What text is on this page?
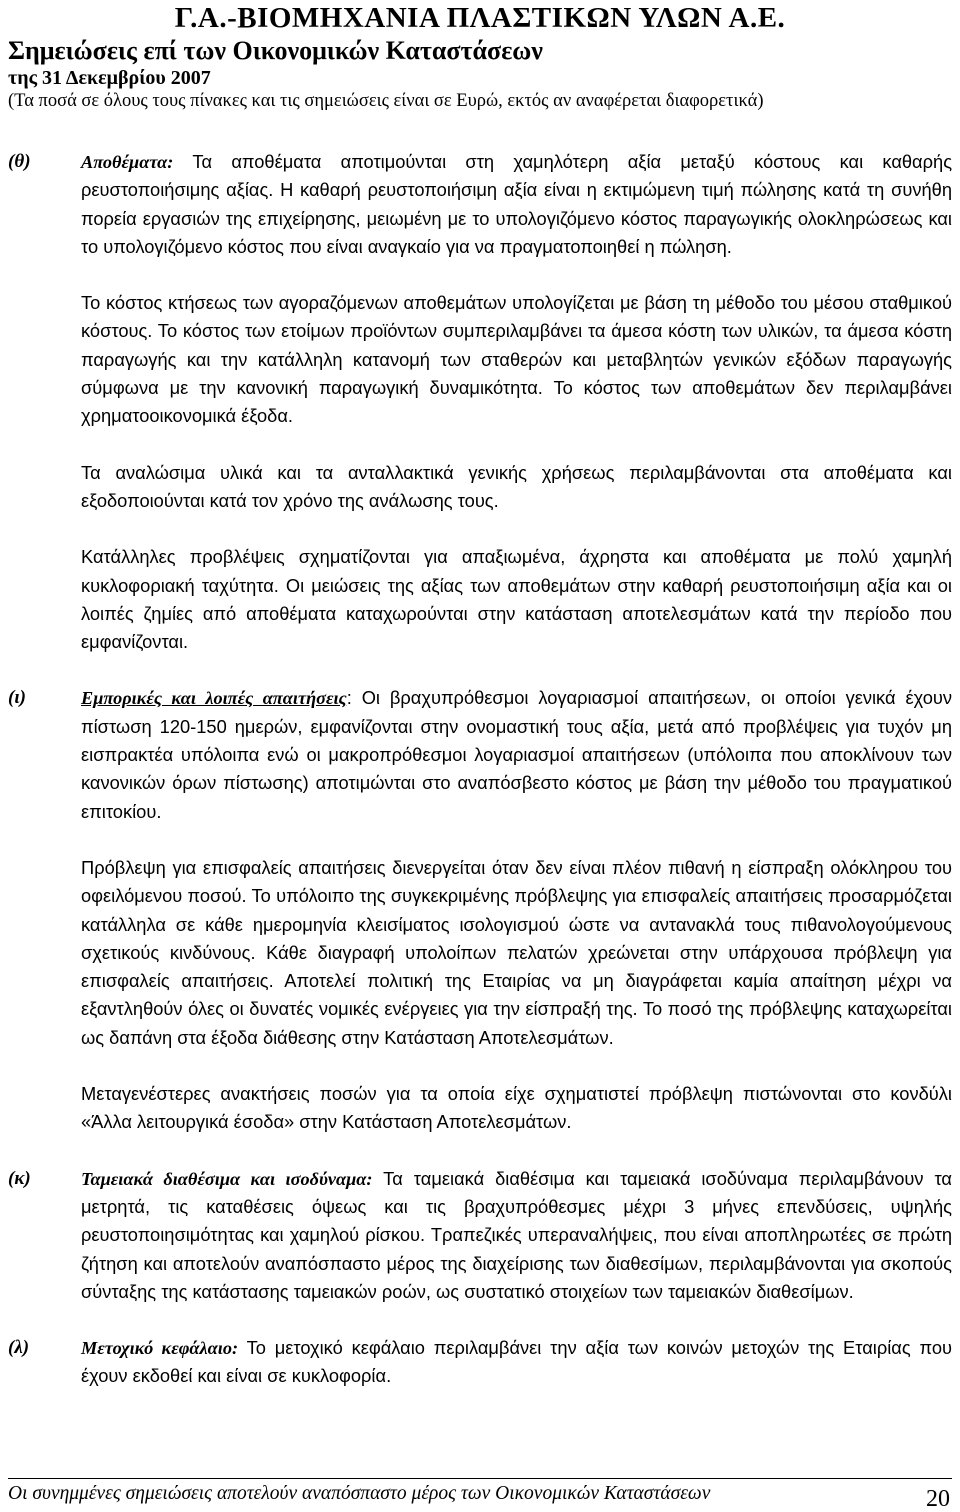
Γ.Α.-ΒΙΟΜΗΧΑΝΙΑ ΠΛΑΣΤΙΚΩΝ ΥΛΩΝ Α.Ε.
Σημειώσεις επί των Οικονομικών Καταστάσεων
της 31 Δεκεμβρίου 2007
(Τα ποσά σε όλους τους πίνακες και τις σημειώσεις είναι σε Ευρώ, εκτός αν αναφέρεται διαφορετικά)
(θ)	Αποθέματα: Τα αποθέματα αποτιμούνται στη χαμηλότερη αξία μεταξύ κόστους και καθαρής ρευστοποιήσιμης αξίας. Η καθαρή ρευστοποιήσιμη αξία είναι η εκτιμώμενη τιμή πώλησης κατά τη συνήθη πορεία εργασιών της επιχείρησης, μειωμένη με το υπολογιζόμενο κόστος παραγωγικής ολοκληρώσεως και το υπολογιζόμενο κόστος που είναι αναγκαίο για να πραγματοποιηθεί η πώληση.

Το κόστος κτήσεως των αγοραζόμενων αποθεμάτων υπολογίζεται με βάση τη μέθοδο του μέσου σταθμικού κόστους. Το κόστος των ετοίμων προϊόντων συμπεριλαμβάνει τα άμεσα κόστη των υλικών, τα άμεσα κόστη παραγωγής και την κατάλληλη κατανομή των σταθερών και μεταβλητών γενικών εξόδων παραγωγής σύμφωνα με την κανονική παραγωγική δυναμικότητα. Το κόστος των αποθεμάτων δεν περιλαμβάνει χρηματοοικονομικά έξοδα.

Τα αναλώσιμα υλικά και τα ανταλλακτικά γενικής χρήσεως περιλαμβάνονται στα αποθέματα και εξοδοποιούνται κατά τον χρόνο της ανάλωσης τους.

Κατάλληλες προβλέψεις σχηματίζονται για απαξιωμένα, άχρηστα και αποθέματα με πολύ χαμηλή κυκλοφοριακή ταχύτητα. Οι μειώσεις της αξίας των αποθεμάτων στην καθαρή ρευστοποιήσιμη αξία και οι λοιπές ζημίες από αποθέματα καταχωρούνται στην κατάσταση αποτελεσμάτων κατά την περίοδο που εμφανίζονται.

(ι)	Εμπορικές και λοιπές απαιτήσεις: Οι βραχυπρόθεσμοι λογαριασμοί απαιτήσεων, οι οποίοι γενικά έχουν πίστωση 120-150 ημερών, εμφανίζονται στην ονομαστική τους αξία, μετά από προβλέψεις για τυχόν μη εισπρακτέα υπόλοιπα ενώ οι μακροπρόθεσμοι λογαριασμοί απαιτήσεων (υπόλοιπα που αποκλίνουν των κανονικών όρων πίστωσης) αποτιμώνται στο αναπόσβεστο κόστος με βάση την μέθοδο του πραγματικού επιτοκίου.

Πρόβλεψη για επισφαλείς απαιτήσεις διενεργείται όταν δεν είναι πλέον πιθανή η είσπραξη ολόκληρου του οφειλόμενου ποσού. Το υπόλοιπο της συγκεκριμένης πρόβλεψης για επισφαλείς απαιτήσεις προσαρμόζεται κατάλληλα σε κάθε ημερομηνία κλεισίματος ισολογισμού ώστε να αντανακλά τους πιθανολογούμενους σχετικούς κινδύνους. Κάθε διαγραφή υπολοίπων πελατών χρεώνεται στην υπάρχουσα πρόβλεψη για επισφαλείς απαιτήσεις. Αποτελεί πολιτική της Εταιρίας να μη διαγράφεται καμία απαίτηση μέχρι να εξαντληθούν όλες οι δυνατές νομικές ενέργειες για την είσπραξή της. Το ποσό της πρόβλεψης καταχωρείται ως δαπάνη στα έξοδα διάθεσης στην Κατάσταση Αποτελεσμάτων.

Μεταγενέστερες ανακτήσεις ποσών για τα οποία είχε σχηματιστεί πρόβλεψη πιστώνονται στο κονδύλι «Άλλα λειτουργικά έσοδα» στην Κατάσταση Αποτελεσμάτων.

(κ)	Ταμειακά διαθέσιμα και ισοδύναμα: Τα ταμειακά διαθέσιμα και ταμειακά ισοδύναμα περιλαμβάνουν τα μετρητά, τις καταθέσεις όψεως και τις βραχυπρόθεσμες μέχρι 3 μήνες επενδύσεις, υψηλής ρευστοποιησιμότητας και χαμηλού ρίσκου. Τραπεζικές υπεραναλήψεις, που είναι αποπληρωτέες σε πρώτη ζήτηση και αποτελούν αναπόσπαστο μέρος της διαχείρισης των διαθεσίμων, περιλαμβάνονται για σκοπούς σύνταξης της κατάστασης ταμειακών ροών, ως συστατικό στοιχείων των ταμειακών διαθεσίμων.

(λ)	Μετοχικό κεφάλαιο: Το μετοχικό κεφάλαιο περιλαμβάνει την αξία των κοινών μετοχών της Εταιρίας που έχουν εκδοθεί και είναι σε κυκλοφορία.

Οι συνημμένες σημειώσεις αποτελούν αναπόσπαστο μέρος των Οικονομικών Καταστάσεων	20
